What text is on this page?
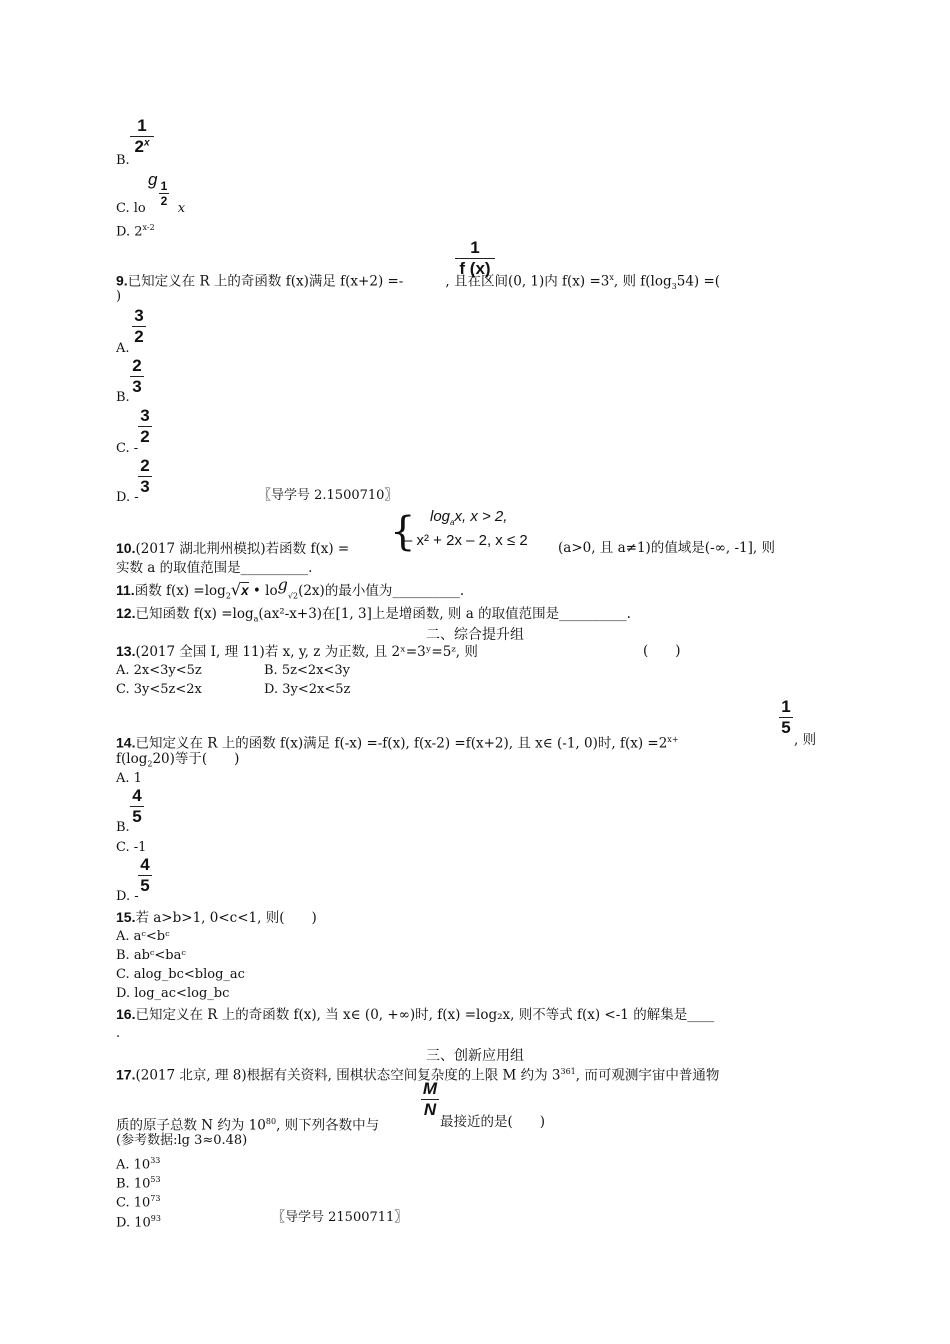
1
2$^x$
B.
g $\frac{1}{2}$
C. lo x
D. 2$^{x-2}$
$\frac{1}{f (x)}$
9.已知定义在 R 上的奇函数 f(x)满足 f(x+2) =-	, 且在区间(0, 1)内 $f(x) =3^x$, 则 $f(\log_354)$ =(
)
$\frac{3}{2}$
A.
$\frac{2}{3}$
B.
$\frac{3}{2}$
C. -
$\frac{2}{3}$
D. -	〖导学号 2.1500710〗
{ $\log_ax$, x > 2,
– x² + 2x – 2, x ≤ 2
10.(2017 湖北荆州模拟)若函数 f(x) =	(a>0, 且 a≠1)的值域是(-∞, -1], 则
实数 a 的取值范围是__________.
11.函数 $f(x) =\log_2√x$ • $\log_{√2}(2x)$的最小值为__________.
12.已知函数 $f(x) =\log_a(ax^2-x+3)$在[1, 3]上是增函数, 则 a 的取值范围是__________.
二、综合提升组
13.(2017 全国 Ⅰ, 理 11)若 x, y, z 为正数, 且 2ˣ=3ʸ=5ᶻ, 则	(　　)
A. 2x<3y<5z	B. 5z<2x<3y
C. 3y<5z<2x	D. 3y<2x<5z
$\frac{1}{5}$
14.已知定义在 R 上的函数 f(x)满足 f(-x) =-f(x), f(x-2) =f(x+2), 且 x∈ (-1, 0)时, $f(x) =2^{x+}$	, 则
$f(\log_220)$等于(　　)
A. 1
$\frac{4}{5}$
B.
C. -1
$\frac{4}{5}$
D. -
15.若 a>b>1, 0<c<1, 则(　　)
A. aᶜ<bᶜ
B. abᶜ<baᶜ
C. alog_bc<blog_ac
D. log_ac<log_bc
16.已知定义在 R 上的奇函数 f(x), 当 x∈ (0, +∞)时, f(x) =log₂x, 则不等式 f(x) <-1 的解集是____
.
三、创新应用组
17.(2017 北京, 理 8)根据有关资料, 围棋状态空间复杂度的上限 M 约为 $3^{361}$, 而可观测宇宙中普通物
$\frac{M}{N}$
质的原子总数 N 约为 $10^{80}$, 则下列各数中与	最接近的是(　　)
(参考数据:lg 3≈0.48)
A. $10^{33}$
B. $10^{53}$
C. $10^{73}$
D. $10^{93}$	〖导学号 21500711〗
